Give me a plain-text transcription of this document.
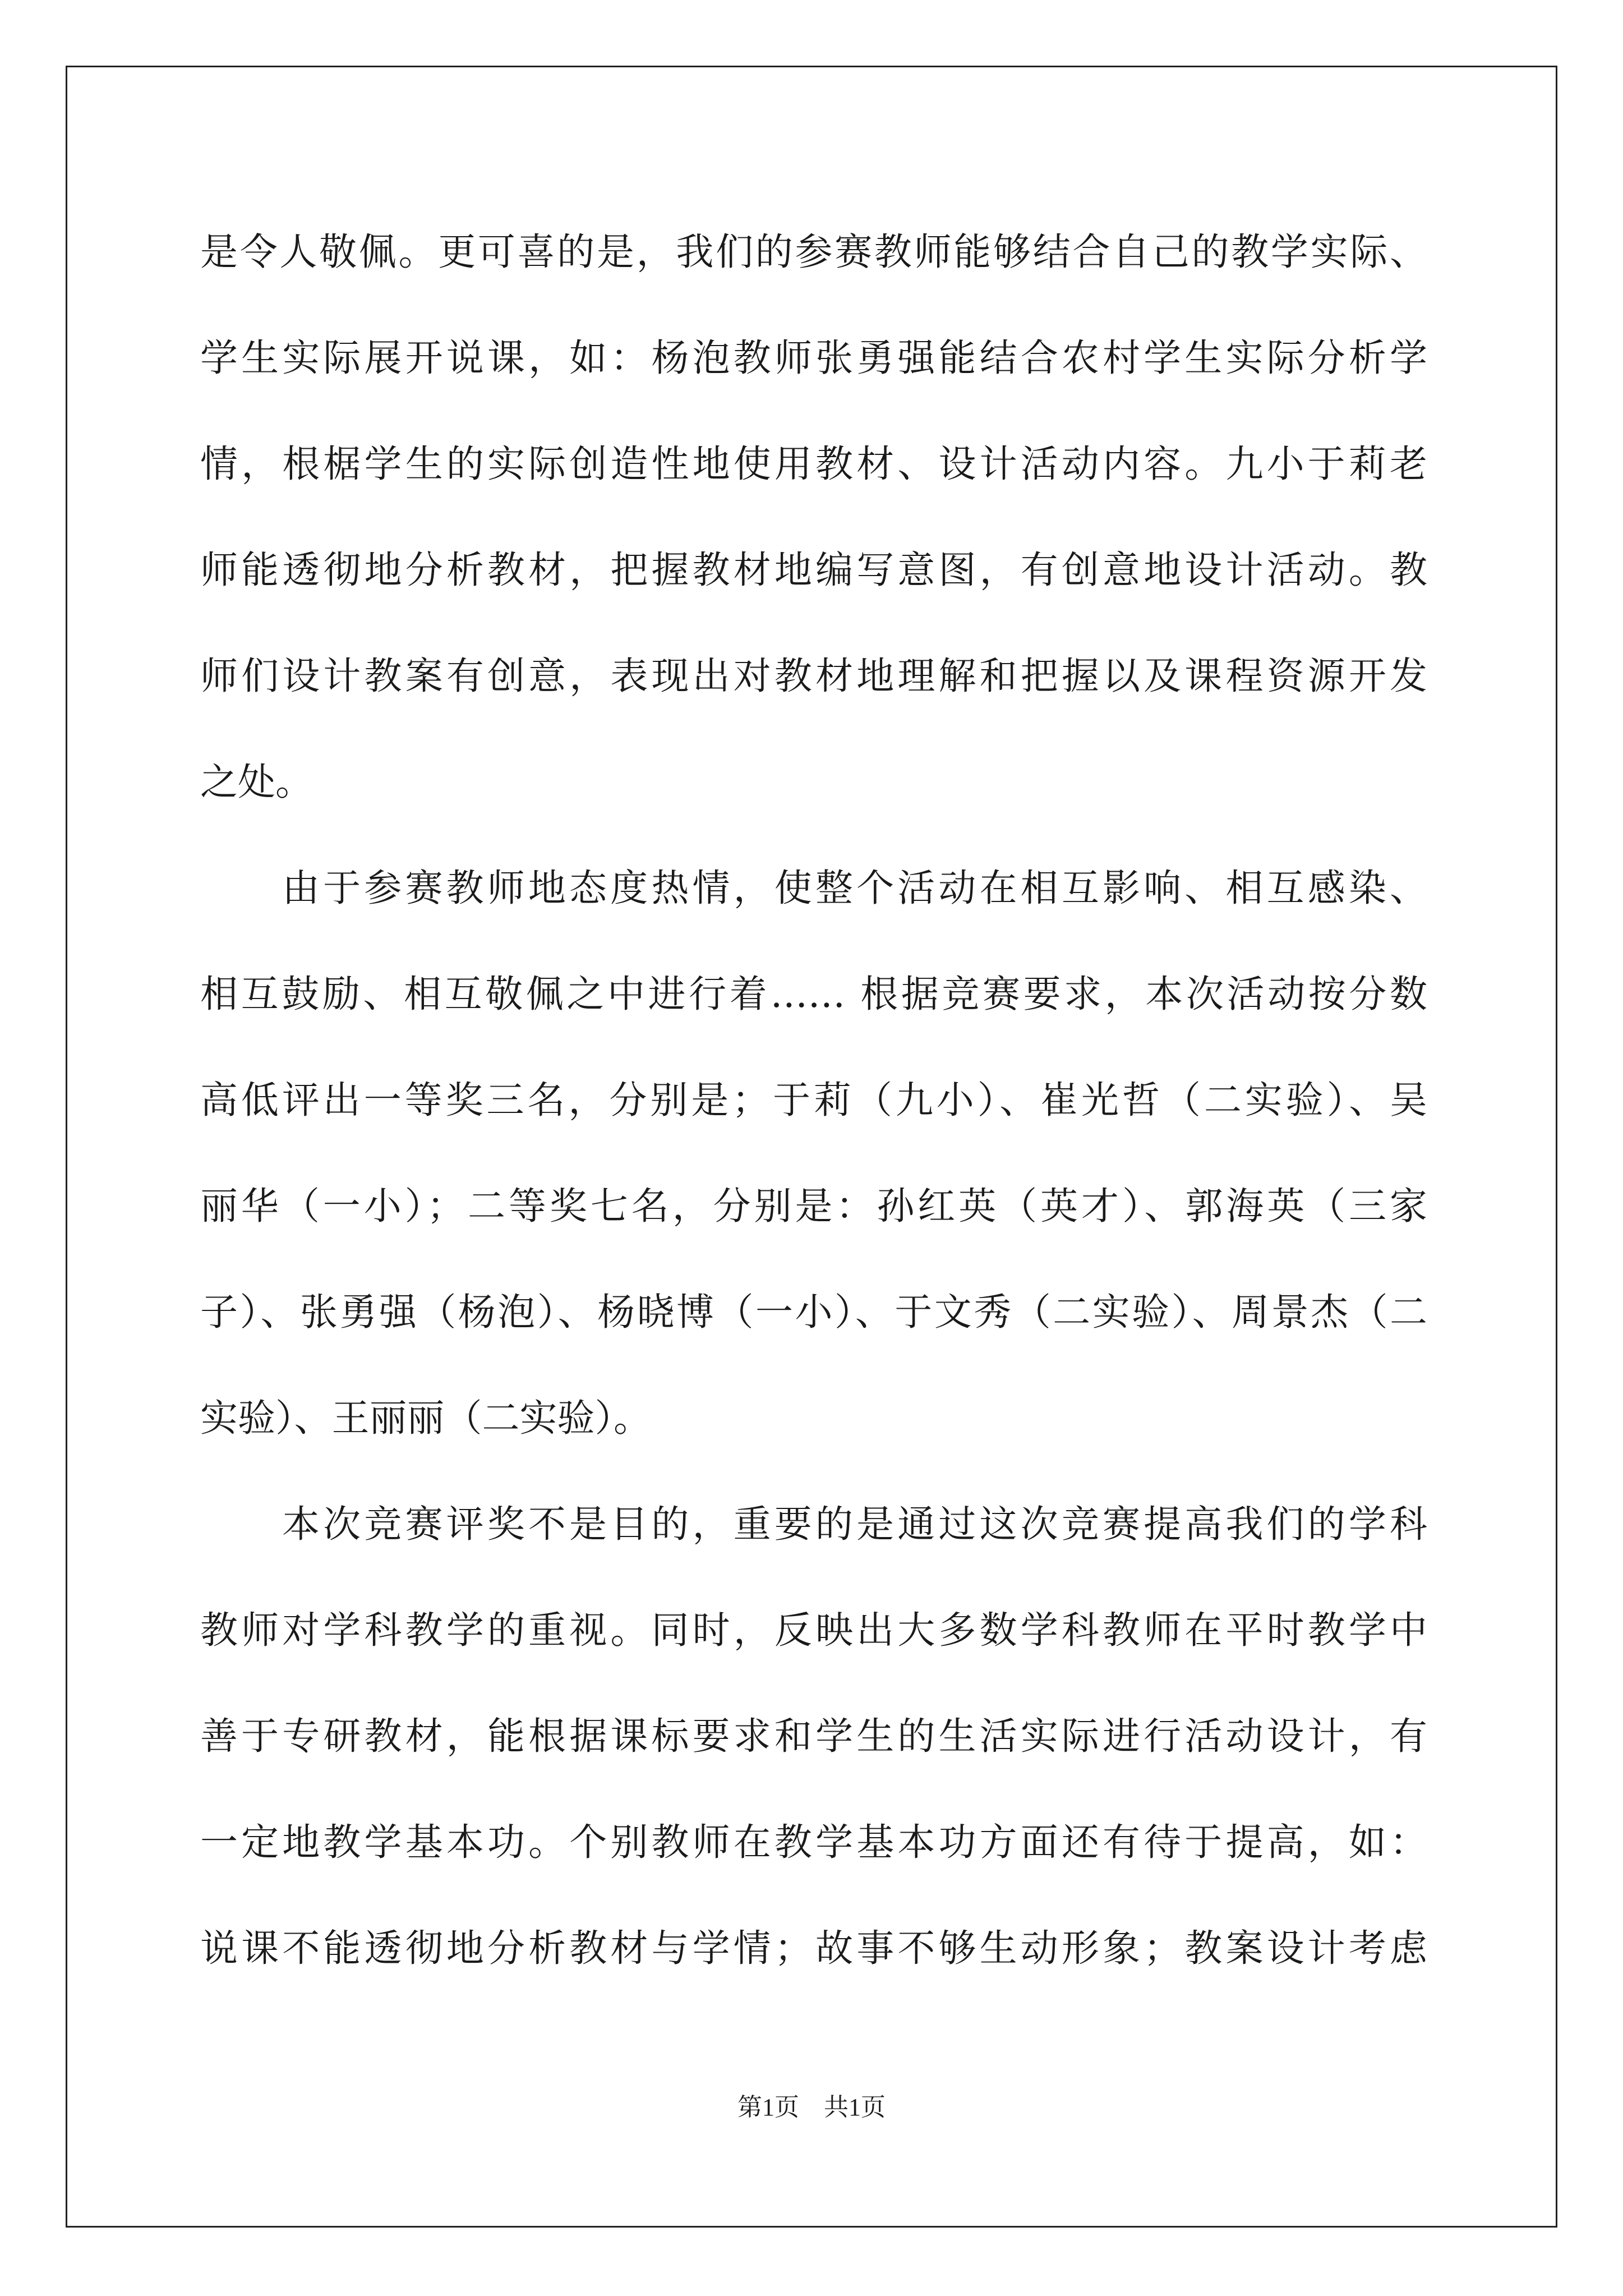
是令人敬佩。更可喜的是，我们的参赛教师能够结合自己的教学实际、
学生实际展开说课，如：杨泡教师张勇强能结合农村学生实际分析学
情，根椐学生的实际创造性地使用教材、设计活动内容。九小于莉老
师能透彻地分析教材，把握教材地编写意图，有创意地设计活动。教
师们设计教案有创意，表现出对教材地理解和把握以及课程资源开发
之处。
由于参赛教师地态度热情，使整个活动在相互影响、相互感染、
相互鼓励、相互敬佩之中进行着…… 根据竞赛要求，本次活动按分数
高低评出一等奖三名，分别是；于莉（九小）、崔光哲（二实验）、吴
丽华（一小）；二等奖七名，分别是：孙红英（英才）、郭海英（三家
子）、张勇强（杨泡）、杨晓博（一小）、于文秀（二实验）、周景杰（二
实验）、王丽丽（二实验）。
本次竞赛评奖不是目的，重要的是通过这次竞赛提高我们的学科
教师对学科教学的重视。同时，反映出大多数学科教师在平时教学中
善于专研教材，能根据课标要求和学生的生活实际进行活动设计，有
一定地教学基本功。个别教师在教学基本功方面还有待于提高，如：
说课不能透彻地分析教材与学情；故事不够生动形象；教案设计考虑
第1页　共1页
